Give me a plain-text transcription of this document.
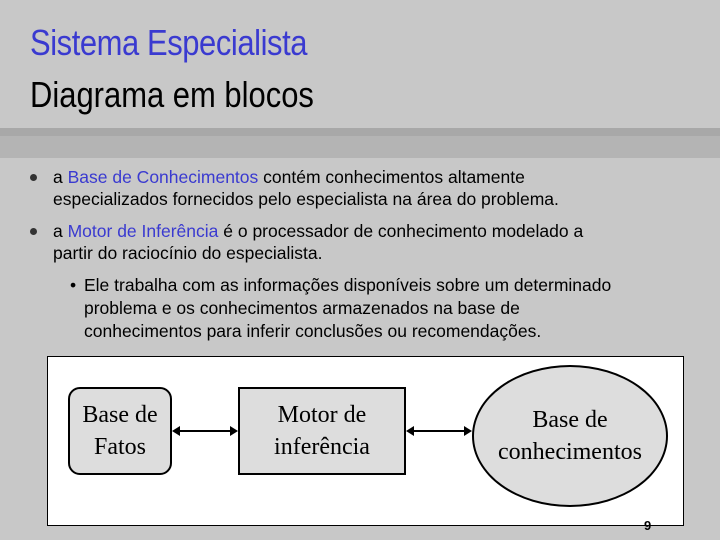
Sistema Especialista
Diagrama em blocos
a Base de Conhecimentos contém conhecimentos altamente
especializados fornecidos pelo especialista na área do problema.
a Motor de Inferência é o processador de conhecimento modelado a
partir do raciocínio do especialista.
• Ele trabalha com as informações disponíveis sobre um determinado
problema e os conhecimentos armazenados na base de
conhecimentos para inferir conclusões ou recomendações.
Base de
Fatos
Motor de
inferência
Base de
conhecimentos
9
